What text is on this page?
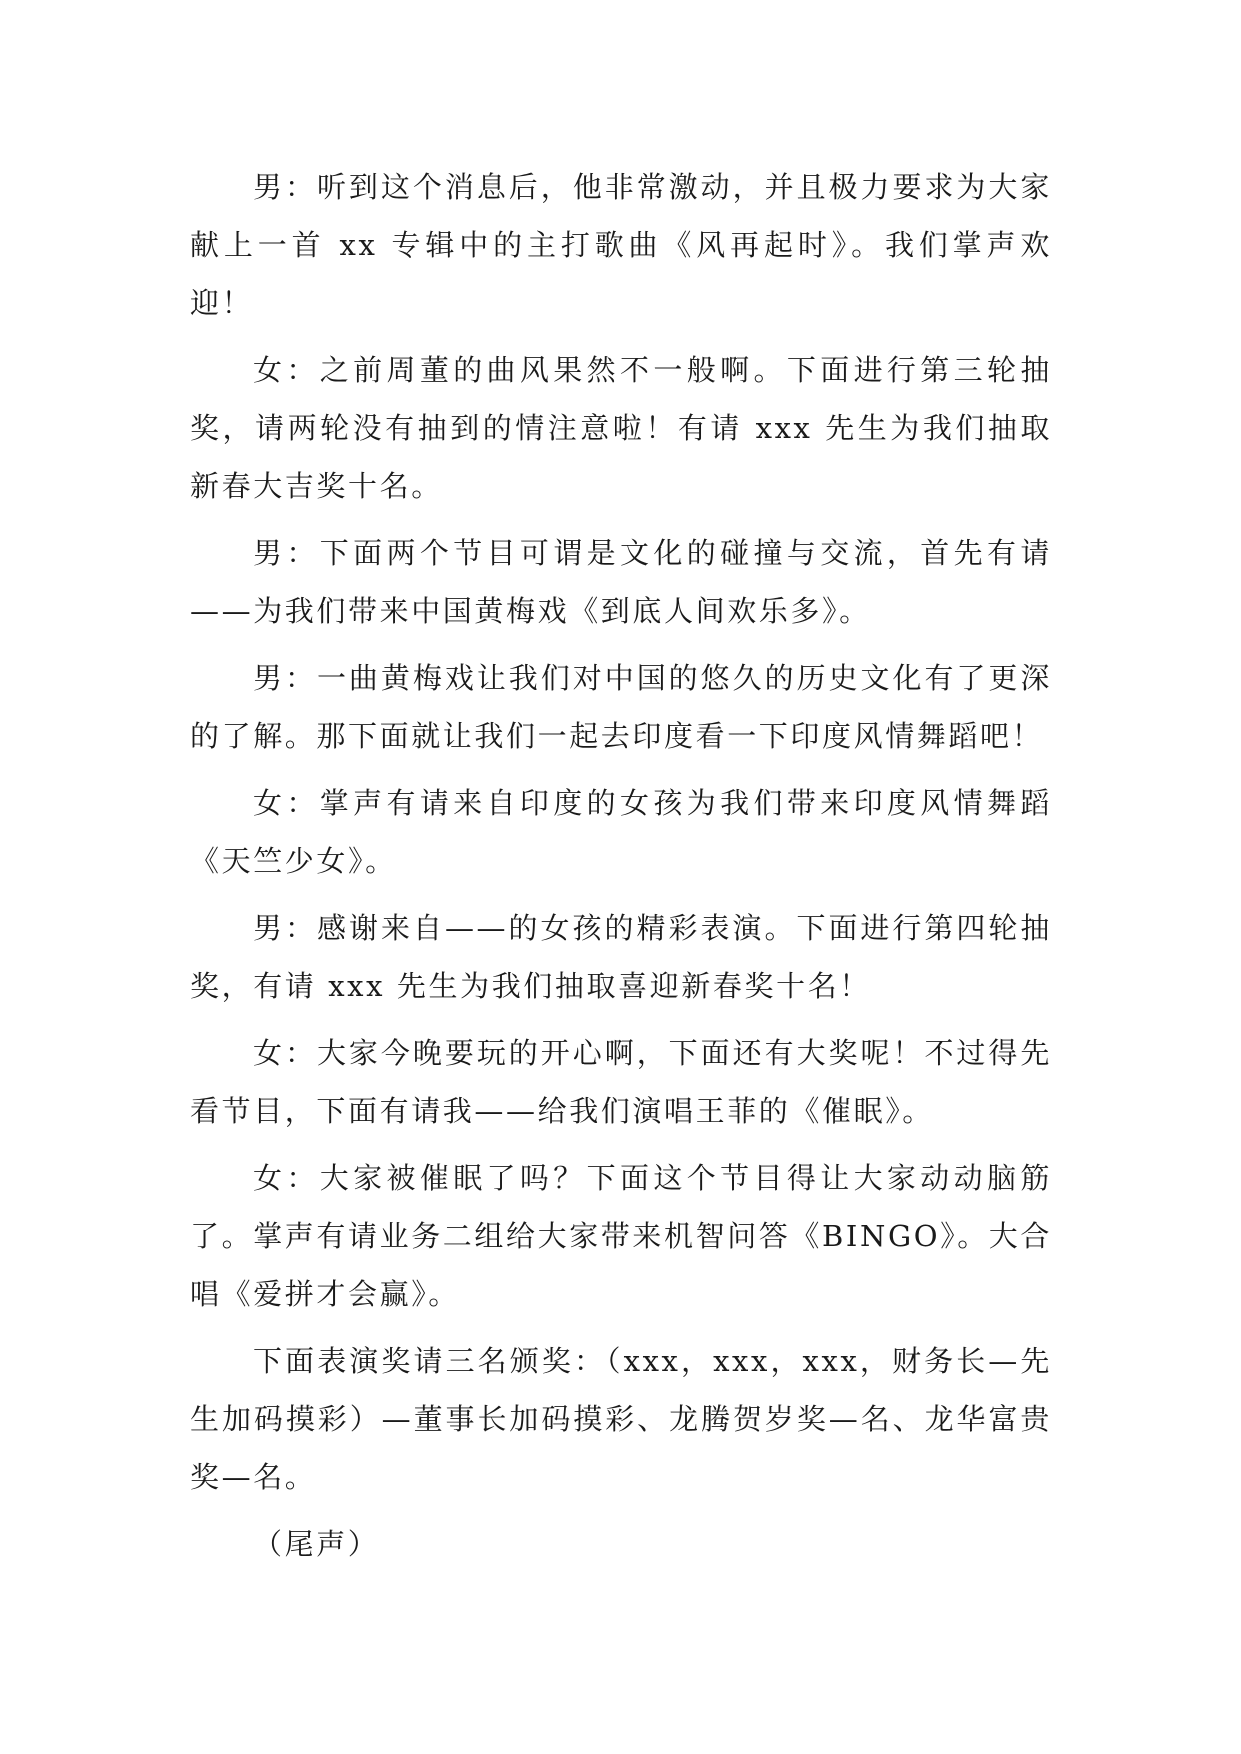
男：听到这个消息后，他非常激动，并且极力要求为大家献上一首 xx 专辑中的主打歌曲《风再起时》。我们掌声欢迎！

女：之前周董的曲风果然不一般啊。下面进行第三轮抽奖，请两轮没有抽到的情注意啦！有请 xxx 先生为我们抽取新春大吉奖十名。

男：下面两个节目可谓是文化的碰撞与交流，首先有请——为我们带来中国黄梅戏《到底人间欢乐多》。

男：一曲黄梅戏让我们对中国的悠久的历史文化有了更深的了解。那下面就让我们一起去印度看一下印度风情舞蹈吧！

女：掌声有请来自印度的女孩为我们带来印度风情舞蹈《天竺少女》。

男：感谢来自——的女孩的精彩表演。下面进行第四轮抽奖，有请 xxx 先生为我们抽取喜迎新春奖十名！

女：大家今晚要玩的开心啊，下面还有大奖呢！不过得先看节目，下面有请我——给我们演唱王菲的《催眠》。

女：大家被催眠了吗？下面这个节目得让大家动动脑筋了。掌声有请业务二组给大家带来机智问答《BINGO》。大合唱《爱拼才会赢》。

下面表演奖请三名颁奖：（xxx，xxx，xxx，财务长—先生加码摸彩）—董事长加码摸彩、龙腾贺岁奖—名、龙华富贵奖—名。

（尾声）
